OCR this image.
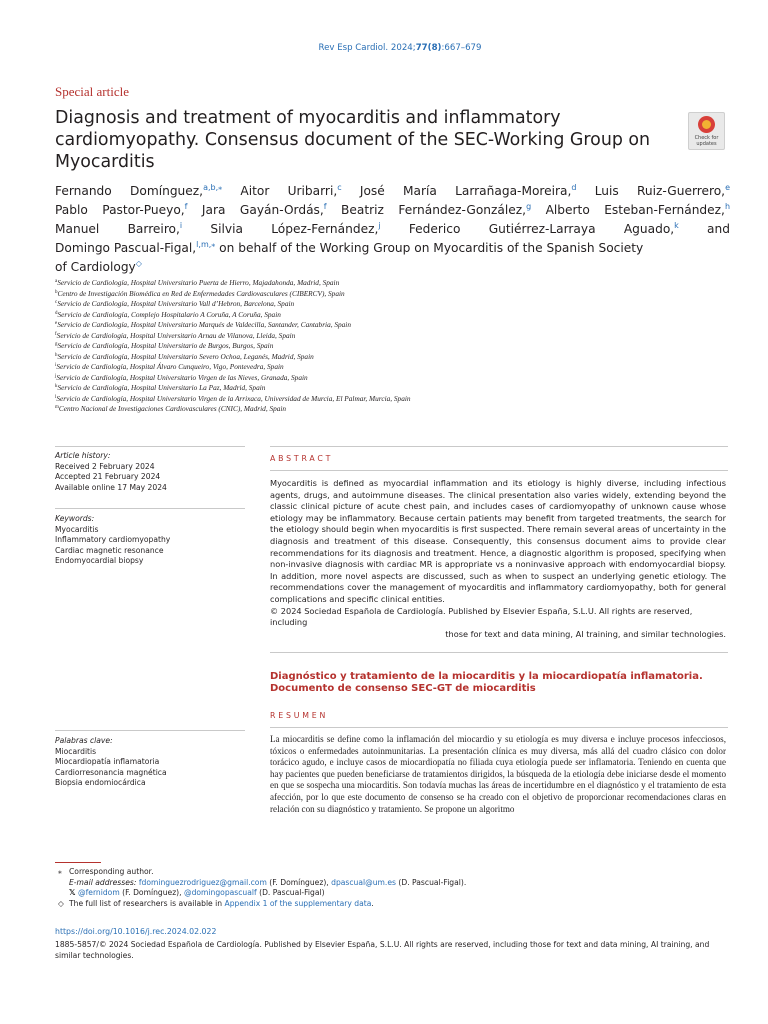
Rev Esp Cardiol. 2024;77(8):667–679
Special article
Diagnosis and treatment of myocarditis and inflammatory cardiomyopathy. Consensus document of the SEC-Working Group on Myocarditis
Check for updates

Fernando Domínguez,$^{a,b,⁎}$ Aitor Uribarri,$^c$ José María Larrañaga-Moreira,$^d$ Luis Ruiz-Guerrero,$^e$

Pablo Pastor-Pueyo,$^f$ Jara Gayán-Ordás,$^f$ Beatriz Fernández-González,$^g$ Alberto Esteban-Fernández,$^h$

Manuel Barreiro,$^i$ Silvia López-Fernández,$^j$ Federico Gutiérrez-Larraya Aguado,$^k$ and

Domingo Pascual-Figal,$^{l,m,⁎}$ on behalf of the Working Group on Myocarditis of the Spanish Society

of Cardiology◇

$^a$Servicio de Cardiología, Hospital Universitario Puerta de Hierro, Majadahonda, Madrid, Spain
$^b$Centro de Investigación Biomédica en Red de Enfermedades Cardiovasculares (CIBERCV), Spain
$^c$Servicio de Cardiología, Hospital Universitario Vall d’Hebron, Barcelona, Spain
$^d$Servicio de Cardiología, Complejo Hospitalario A Coruña, A Coruña, Spain
$^e$Servicio de Cardiología, Hospital Universitario Marqués de Valdecilla, Santander, Cantabria, Spain
$^f$Servicio de Cardiología, Hospital Universitario Arnau de Vilanova, Lleida, Spain
$^g$Servicio de Cardiología, Hospital Universitario de Burgos, Burgos, Spain
$^h$Servicio de Cardiología, Hospital Universitario Severo Ochoa, Leganés, Madrid, Spain
$^i$Servicio de Cardiología, Hospital Álvaro Cunqueiro, Vigo, Pontevedra, Spain
$^j$Servicio de Cardiología, Hospital Universitario Virgen de las Nieves, Granada, Spain
$^k$Servicio de Cardiología, Hospital Universitario La Paz, Madrid, Spain
$^l$Servicio de Cardiología, Hospital Universitario Virgen de la Arrixaca, Universidad de Murcia, El Palmar, Murcia, Spain
$^m$Centro Nacional de Investigaciones Cardiovasculares (CNIC), Madrid, Spain
Article history:
Received 2 February 2024
Accepted 21 February 2024
Available online 17 May 2024
Keywords:
Myocarditis
Inflammatory cardiomyopathy
Cardiac magnetic resonance
Endomyocardial biopsy
ABSTRACT

Myocarditis is defined as myocardial inflammation and its etiology is highly diverse, including infectious agents, drugs, and autoimmune diseases. The clinical presentation also varies widely, extending beyond the classic clinical picture of acute chest pain, and includes cases of cardiomyopathy of unknown cause whose etiology may be inflammatory. Because certain patients may benefit from targeted treatments, the search for the etiology should begin when myocarditis is first suspected. There remain several areas of uncertainty in the diagnosis and treatment of this disease. Consequently, this consensus document aims to provide clear recommendations for its diagnosis and treatment. Hence, a diagnostic algorithm is proposed, specifying when non-invasive diagnosis with cardiac MR is appropriate vs a noninvasive approach with endomyocardial biopsy. In addition, more novel aspects are discussed, such as when to suspect an underlying genetic etiology. The recommendations cover the management of myocarditis and inflammatory cardiomyopathy, both for general complications and specific clinical entities.

© 2024 Sociedad Española de Cardiología. Published by Elsevier España, S.L.U. All rights are reserved, including

those for text and data mining, AI training, and similar technologies.

Diagnóstico y tratamiento de la miocarditis y la miocardiopatía inflamatoria. Documento de consenso SEC-GT de miocarditis
Palabras clave:
Miocarditis
Miocardiopatía inflamatoria
Cardiorresonancia magnética
Biopsia endomiocárdica
RESUMEN
La miocarditis se define como la inflamación del miocardio y su etiología es muy diversa e incluye procesos infecciosos, tóxicos o enfermedades autoinmunitarias. La presentación clínica es muy diversa, más allá del cuadro clásico con dolor torácico agudo, e incluye casos de miocardiopatía no filiada cuya etiología puede ser inflamatoria. Teniendo en cuenta que hay pacientes que pueden beneficiarse de tratamientos dirigidos, la búsqueda de la etiología debe iniciarse desde el momento en que se sospecha una miocarditis. Son todavía muchas las áreas de incertidumbre en el diagnóstico y el tratamiento de esta afección, por lo que este documento de consenso se ha creado con el objetivo de proporcionar recomendaciones claras en relación con su diagnóstico y tratamiento. Se propone un algoritmo
⁎ Corresponding author.
E-mail addresses: fdominguezrodriguez@gmail.com (F. Domínguez), dpascual@um.es (D. Pascual-Figal).
𝕏 @fernidom (F. Domínguez), @domingopascualf (D. Pascual-Figal)
◇ The full list of researchers is available in Appendix 1 of the supplementary data.
https://doi.org/10.1016/j.rec.2024.02.022
1885-5857/© 2024 Sociedad Española de Cardiología. Published by Elsevier España, S.L.U. All rights are reserved, including those for text and data mining, AI training, and similar technologies.
